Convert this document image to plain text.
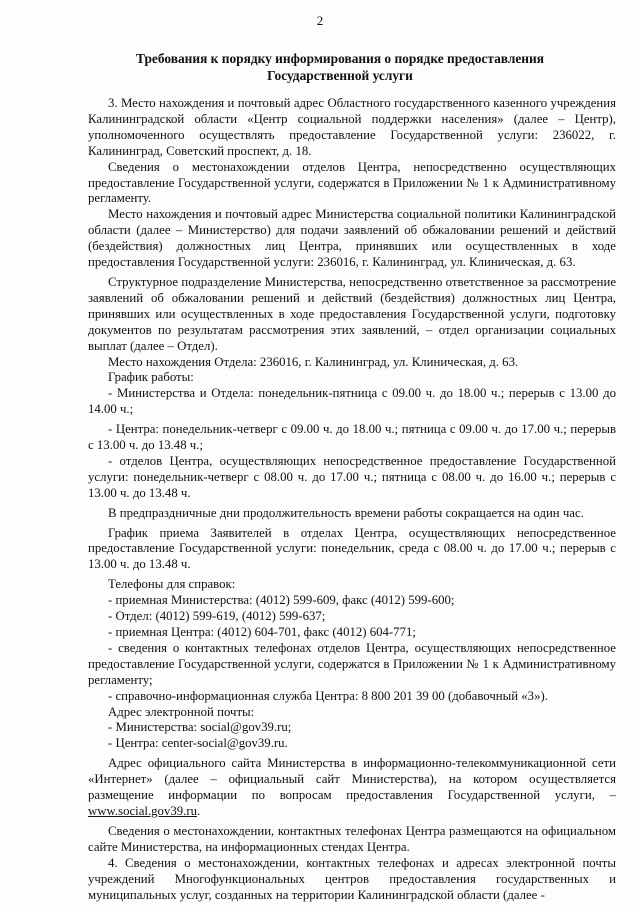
2
Требования к порядку информирования о порядке предоставления
Государственной услуги

3. Место нахождения и почтовый адрес Областного государственного казенного учреждения Калининградской области «Центр социальной поддержки населения» (далее – Центр), уполномоченного осуществлять предоставление Государственной услуги: 236022, г. Калининград, Советский проспект, д. 18.

Сведения о местонахождении отделов Центра, непосредственно осуществляющих предоставление Государственной услуги, содержатся в Приложении № 1 к Административному регламенту.

Место нахождения и почтовый адрес Министерства социальной политики Калининградской области (далее – Министерство) для подачи заявлений об обжаловании решений и действий (бездействия) должностных лиц Центра, принявших или осуществленных в ходе предоставления Государственной услуги: 236016, г. Калининград, ул. Клиническая, д. 63.

Структурное подразделение Министерства, непосредственно ответственное за рассмотрение заявлений об обжаловании решений и действий (бездействия) должностных лиц Центра, принявших или осуществленных в ходе предоставления Государственной услуги, подготовку документов по результатам рассмотрения этих заявлений, – отдел организации социальных выплат (далее – Отдел).

Место нахождения Отдела: 236016, г. Калининград, ул. Клиническая, д. 63.

График работы:

- Министерства и Отдела: понедельник-пятница с 09.00 ч. до 18.00 ч.; перерыв с 13.00 до 14.00 ч.;

- Центра: понедельник-четверг с 09.00 ч. до 18.00 ч.; пятница с 09.00 ч. до 17.00 ч.; перерыв с 13.00 ч. до 13.48 ч.;

- отделов Центра, осуществляющих непосредственное предоставление Государственной услуги: понедельник-четверг с 08.00 ч. до 17.00 ч.; пятница с 08.00 ч. до 16.00 ч.; перерыв с 13.00 ч. до 13.48 ч.

В предпраздничные дни продолжительность времени работы сокращается на один час.

График приема Заявителей в отделах Центра, осуществляющих непосредственное предоставление Государственной услуги: понедельник, среда с 08.00 ч. до 17.00 ч.; перерыв с 13.00 ч. до 13.48 ч.

Телефоны для справок:

- приемная Министерства: (4012) 599-609, факс (4012) 599-600;

- Отдел: (4012) 599-619, (4012) 599-637;

- приемная Центра: (4012) 604-701, факс (4012) 604-771;

- сведения о контактных телефонах отделов Центра, осуществляющих непосредственное предоставление Государственной услуги, содержатся в Приложении № 1 к Административному регламенту;

- справочно-информационная служба Центра: 8 800 201 39 00 (добавочный «3»).

Адрес электронной почты:

- Министерства: social@gov39.ru;

- Центра: center-social@gov39.ru.

Адрес официального сайта Министерства в информационно-телекоммуникационной сети «Интернет» (далее – официальный сайт Министерства), на котором осуществляется размещение информации по вопросам предоставления Государственной услуги, – www.social.gov39.ru.

Сведения о местонахождении, контактных телефонах Центра размещаются на официальном сайте Министерства, на информационных стендах Центра.

4. Сведения о местонахождении, контактных телефонах и адресах электронной почты учреждений Многофункциональных центров предоставления государственных и муниципальных услуг, созданных на территории Калининградской области (далее -
